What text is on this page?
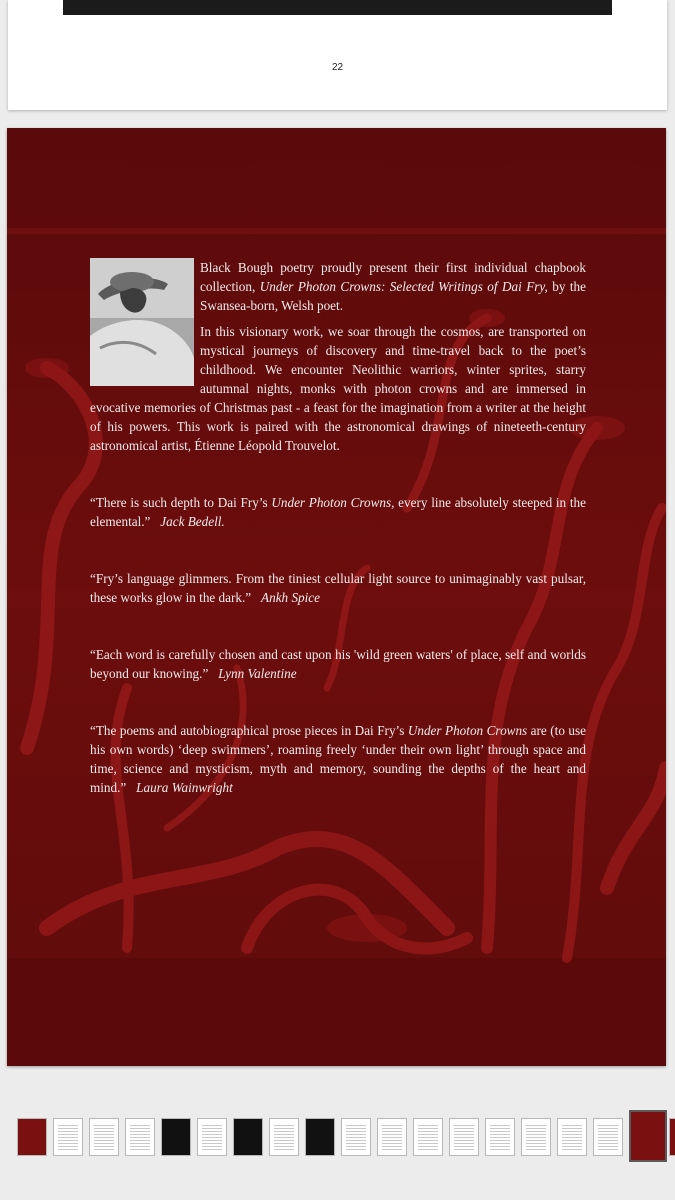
22

Black Bough poetry proudly present their first individual chapbook collection, Under Photon Crowns: Selected Writings of Dai Fry, by the Swansea-born, Welsh poet.

In this visionary work, we soar through the cosmos, are transported on mystical journeys of discovery and time-travel back to the poet’s childhood. We encounter Neolithic warriors, winter sprites, starry autumnal nights, monks with photon crowns and are immersed in evocative memories of Christmas past - a feast for the imagination from a writer at the height of his powers. This work is paired with the astronomical drawings of nineteeth-century astronomical artist, Étienne Léopold Trouvelot.

“There is such depth to Dai Fry’s Under Photon Crowns, every line absolutely steeped in the elemental.” Jack Bedell.

“Fry’s language glimmers. From the tiniest cellular light source to unimaginably vast pulsar, these works glow in the dark.” Ankh Spice

“Each word is carefully chosen and cast upon his 'wild green waters' of place, self and worlds beyond our knowing.” Lynn Valentine

“The poems and autobiographical prose pieces in Dai Fry’s Under Photon Crowns are (to use his own words) ‘deep swimmers’, roaming freely ‘under their own light’ through space and time, science and mysticism, myth and memory, sounding the depths of the heart and mind.” Laura Wainwright
